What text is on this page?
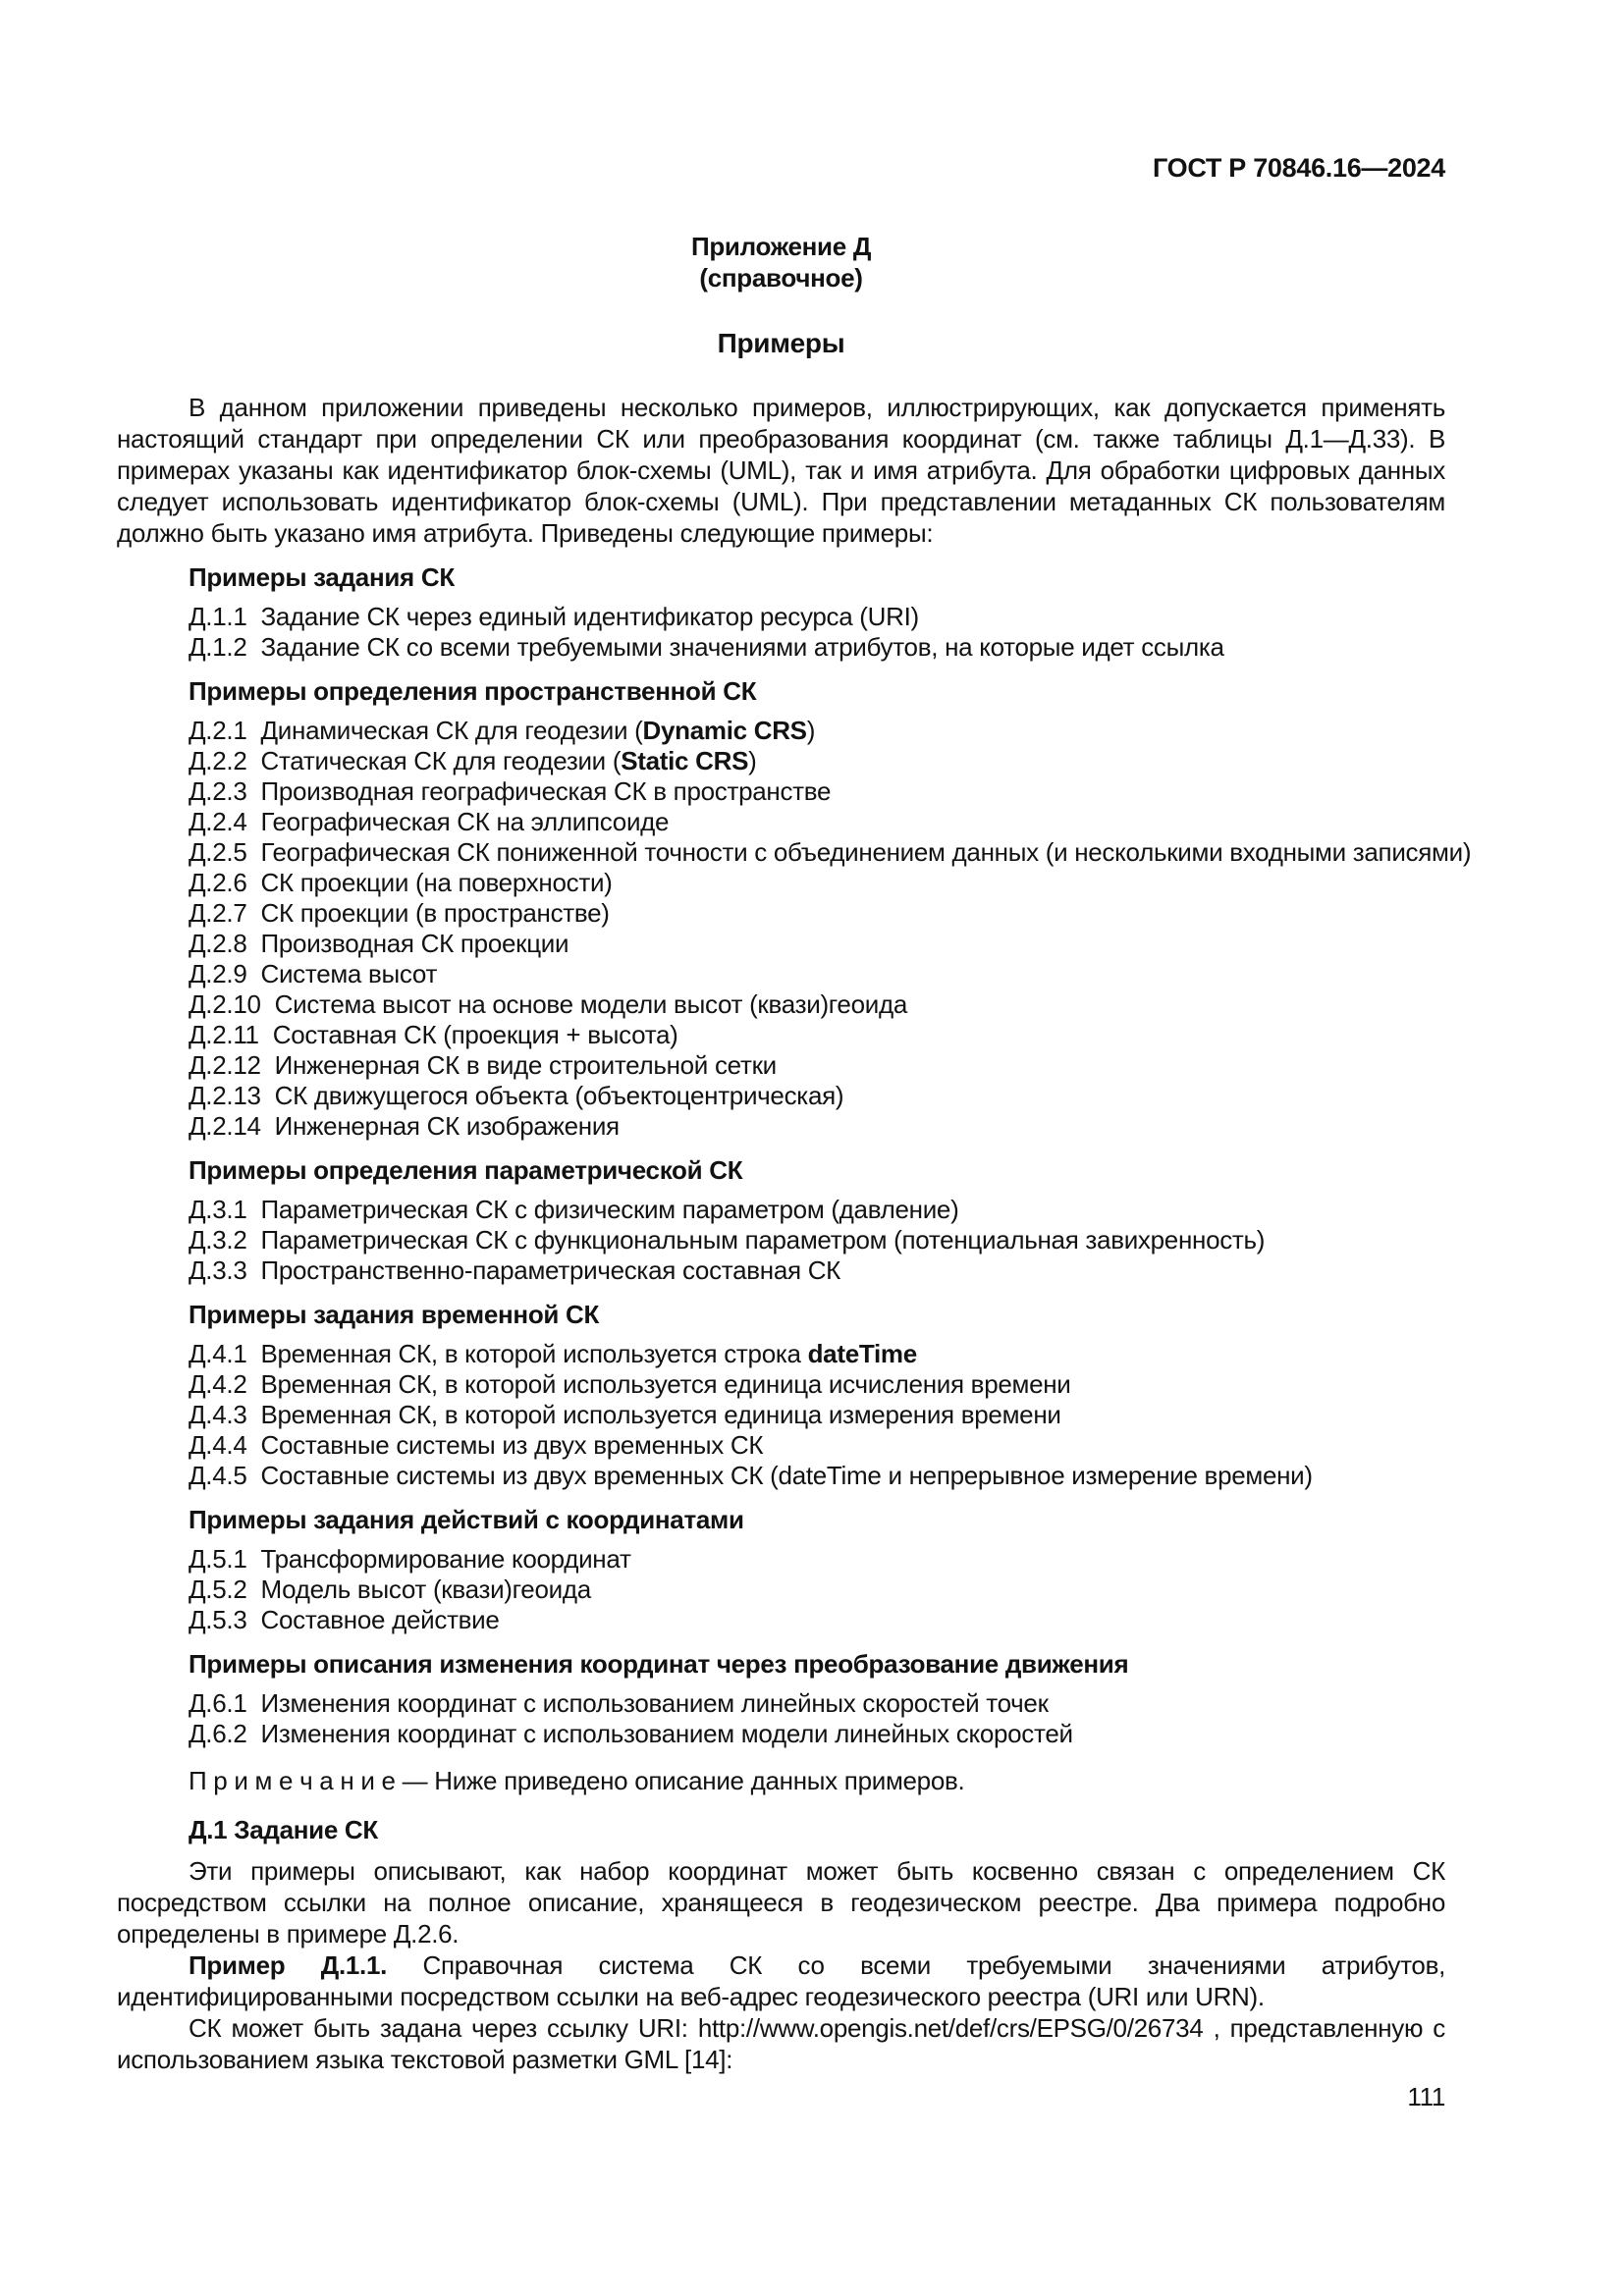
ГОСТ Р 70846.16—2024
Приложение Д
(справочное)
Примеры

В данном приложении приведены несколько примеров, иллюстрирующих, как допускается применять настоящий стандарт при определении СК или преобразования координат (см. также таблицы Д.1—Д.33). В примерах указаны как идентификатор блок-схемы (UML), так и имя атрибута. Для обработки цифровых данных следует использовать идентификатор блок-схемы (UML). При представлении метаданных СК пользователям должно быть указано имя атрибута. Приведены следующие примеры:

Примеры задания СК
Д.1.1 Задание СК через единый идентификатор ресурса (URI)
Д.1.2 Задание СК со всеми требуемыми значениями атрибутов, на которые идет ссылка
Примеры определения пространственной СК
Д.2.1 Динамическая СК для геодезии (Dynamic CRS)
Д.2.2 Статическая СК для геодезии (Static CRS)
Д.2.3 Производная географическая СК в пространстве
Д.2.4 Географическая СК на эллипсоиде
Д.2.5 Географическая СК пониженной точности с объединением данных (и несколькими входными записями)
Д.2.6 СК проекции (на поверхности)
Д.2.7 СК проекции (в пространстве)
Д.2.8 Производная СК проекции
Д.2.9 Система высот
Д.2.10 Система высот на основе модели высот (квази)геоида
Д.2.11 Составная СК (проекция + высота)
Д.2.12 Инженерная СК в виде строительной сетки
Д.2.13 СК движущегося объекта (объектоцентрическая)
Д.2.14 Инженерная СК изображения
Примеры определения параметрической СК
Д.3.1 Параметрическая СК с физическим параметром (давление)
Д.3.2 Параметрическая СК с функциональным параметром (потенциальная завихренность)
Д.3.3 Пространственно-параметрическая составная СК
Примеры задания временной СК
Д.4.1 Временная СК, в которой используется строка dateTime
Д.4.2 Временная СК, в которой используется единица исчисления времени
Д.4.3 Временная СК, в которой используется единица измерения времени
Д.4.4 Составные системы из двух временных СК
Д.4.5 Составные системы из двух временных СК (dateTime и непрерывное измерение времени)
Примеры задания действий с координатами
Д.5.1 Трансформирование координат
Д.5.2 Модель высот (квази)геоида
Д.5.3 Составное действие
Примеры описания изменения координат через преобразование движения
Д.6.1 Изменения координат с использованием линейных скоростей точек
Д.6.2 Изменения координат с использованием модели линейных скоростей

П р и м е ч а н и е — Ниже приведено описание данных примеров.

Д.1 Задание СК

Эти примеры описывают, как набор координат может быть косвенно связан с определением СК посредством ссылки на полное описание, хранящееся в геодезическом реестре. Два примера подробно определены в примере Д.2.6.

Пример Д.1.1. Справочная система СК со всеми требуемыми значениями атрибутов, идентифицированными посредством ссылки на веб-адрес геодезического реестра (URI или URN).

СК может быть задана через ссылку URI: http://www.opengis.net/def/crs/EPSG/0/26734 , представленную с использованием языка текстовой разметки GML [14]:

111
